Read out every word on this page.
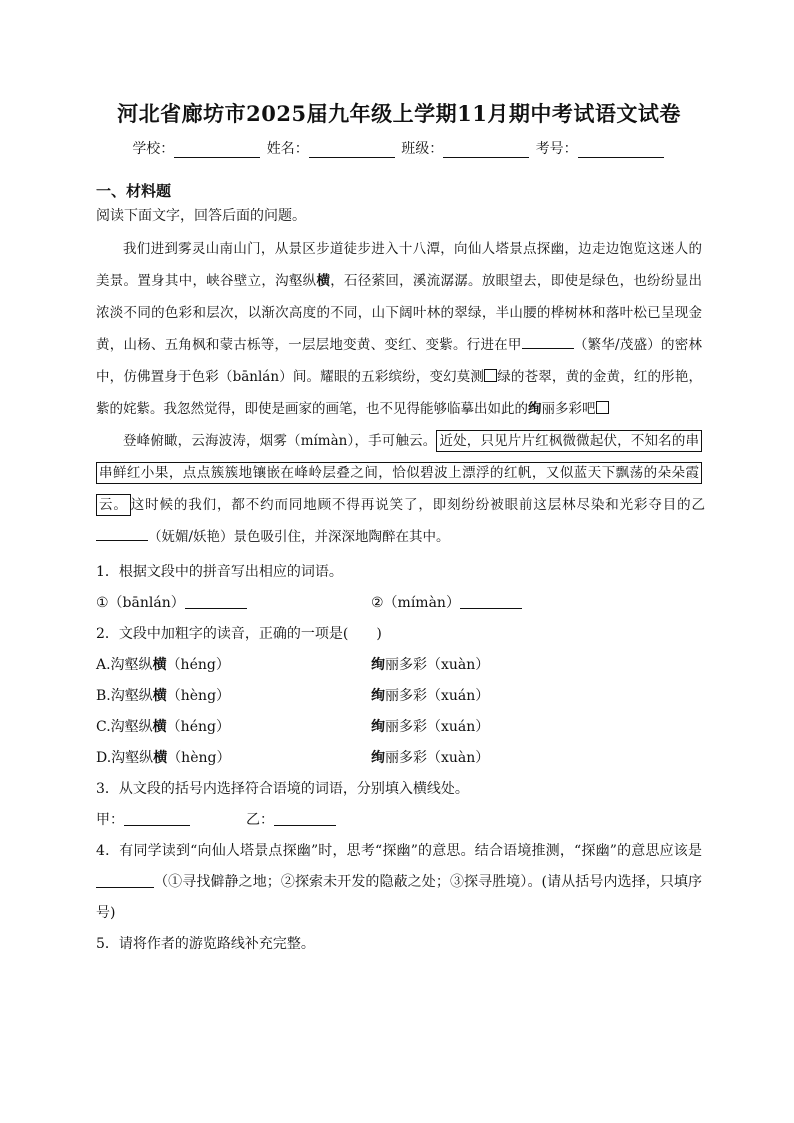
河北省廊坊市2025届九年级上学期11月期中考试语文试卷
学校：	姓名：	班级：	考号：
一、材料题
阅读下面文字，回答后面的问题。

我们进到雾灵山南山门，从景区步道徒步进入十八潭，向仙人塔景点探幽，边走边饱览这迷人的美景。置身其中，峡谷壁立，沟壑纵横，石径萦回，溪流潺潺。放眼望去，即使是绿色，也纷纷显出浓淡不同的色彩和层次，以渐次高度的不同，山下阔叶林的翠绿，半山腰的桦树林和落叶松已呈现金黄，山杨、五角枫和蒙古栎等，一层层地变黄、变红、变紫。行进在甲	（繁华/茂盛）的密林中，仿佛置身于色彩（bānlán）间。耀眼的五彩缤纷，变幻莫测 绿的苍翠，黄的金黄，红的彤艳，紫的姹紫。我忽然觉得，即使是画家的画笔，也不见得能够临摹出如此的绚丽多彩吧

登峰俯瞰，云海波涛，烟雾（mímàn），手可触云。 近处，只见片片红枫微微起伏，不知名的串串鲜红小果，点点簇簇地镶嵌在峰岭层叠之间，恰似碧波上漂浮的红帆，又似蓝天下飘荡的朵朵霞云。 这时候的我们，都不约而同地顾不得再说笑了，即刻纷纷被眼前这层林尽染和光彩夺目的乙（妩媚/妖艳）景色吸引住，并深深地陶醉在其中。

1．根据文段中的拼音写出相应的词语。

①（bānlán）	②（mímàn）

2．文段中加粗字的读音，正确的一项是(　　)

A.沟壑纵横（héng）	绚丽多彩（xuàn）
B.沟壑纵横（hèng）	绚丽多彩（xuán）
C.沟壑纵横（héng）	绚丽多彩（xuán）
D.沟壑纵横（hèng）	绚丽多彩（xuàn）

3．从文段的括号内选择符合语境的词语，分别填入横线处。

甲：	乙：

4．有同学读到“向仙人塔景点探幽”时，思考“探幽”的意思。结合语境推测，“探幽”的意思应该是（①寻找僻静之地；②探索未开发的隐蔽之处；③探寻胜境）。(请从括号内选择，只填序号)

5．请将作者的游览路线补充完整。
